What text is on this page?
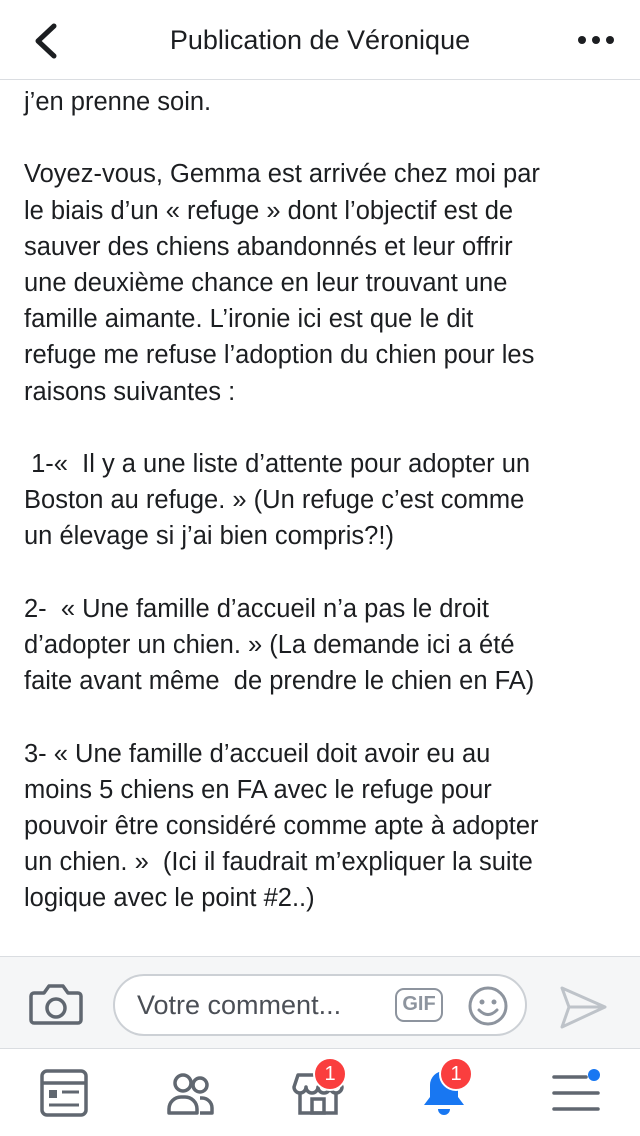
Publication de Véronique

j’en prenne soin.

Voyez-vous, Gemma est arrivée chez moi par

le biais d’un « refuge » dont l’objectif est de

sauver des chiens abandonnés et leur offrir

une deuxième chance en leur trouvant une

famille aimante. L’ironie ici est que le dit

refuge me refuse l’adoption du chien pour les

raisons suivantes :

1-«  Il y a une liste d’attente pour adopter un

Boston au refuge. » (Un refuge c’est comme

un élevage si j’ai bien compris?!)

2-  « Une famille d’accueil n’a pas le droit

d’adopter un chien. » (La demande ici a été

faite avant même  de prendre le chien en FA)

3- « Une famille d’accueil doit avoir eu au

moins 5 chiens en FA avec le refuge pour

pouvoir être considéré comme apte à adopter

un chien. »  (Ici il faudrait m’expliquer la suite

logique avec le point #2..)

Votre comment...	GIF
1	1
